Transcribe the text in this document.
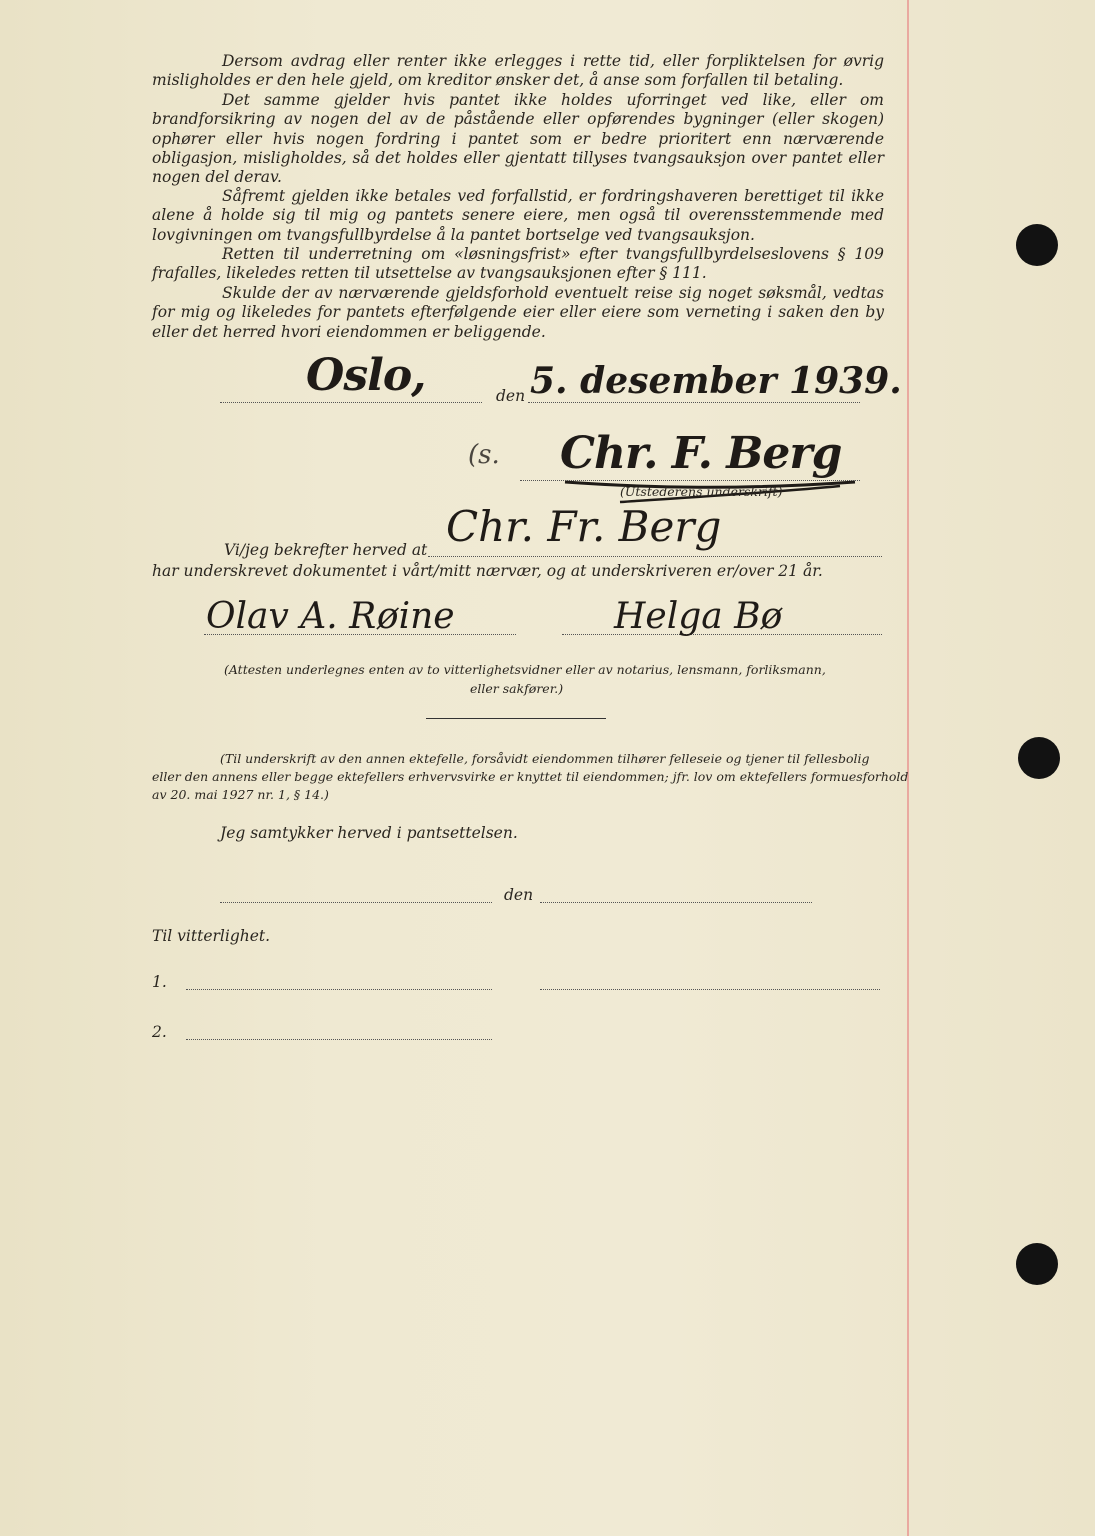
Dersom avdrag eller renter ikke erlegges i rette tid, eller forpliktelsen for øvrig misligholdes er den hele gjeld, om kreditor ønsker det, å anse som forfallen til betaling.

Det samme gjelder hvis pantet ikke holdes uforringet ved like, eller om brandforsikring av nogen del av de påstående eller opførendes bygninger (eller skogen) ophører eller hvis nogen fordring i pantet som er bedre prioritert enn nærværende obligasjon, misligholdes, så det holdes eller gjentatt tillyses tvangsauksjon over pantet eller nogen del derav.

Såfremt gjelden ikke betales ved forfallstid, er fordringshaveren berettiget til ikke alene å holde sig til mig og pantets senere eiere, men også til overensstemmende med lovgivningen om tvangsfullbyrdelse å la pantet bortselge ved tvangsauksjon.

Retten til underretning om «løsningsfrist» efter tvangsfullbyrdelseslovens § 109 frafalles, likeledes retten til utsettelse av tvangsauksjonen efter § 111.

Skulde der av nærværende gjeldsforhold eventuelt reise sig noget søksmål, vedtas for mig og likeledes for pantets efterfølgende eier eller eiere som verneting i saken den by eller det herred hvori eiendommen er beliggende.

Oslo,	den 5. desember 1939.
(s. Chr. F. Berg
(Utstederens underskrift)
Vi/jeg bekrefter herved at Chr. Fr. Berg
har underskrevet dokumentet i vårt/mitt nærvær, og at underskriveren er/over 21 år.
Olav A. Røine	Helga Bø
(Attesten underlegnes enten av to vitterlighetsvidner eller av notarius, lensmann, forliksmann,
eller sakfører.)
(Til underskrift av den annen ektefelle, forsåvidt eiendommen tilhører felleseie og tjener til fellesbolig
eller den annens eller begge ektefellers erhvervsvirke er knyttet til eiendommen; jfr. lov om ektefellers formuesforhold
av 20. mai 1927 nr. 1, § 14.)
Jeg samtykker herved i pantsettelsen.
den
Til vitterlighet.
1.
2.
